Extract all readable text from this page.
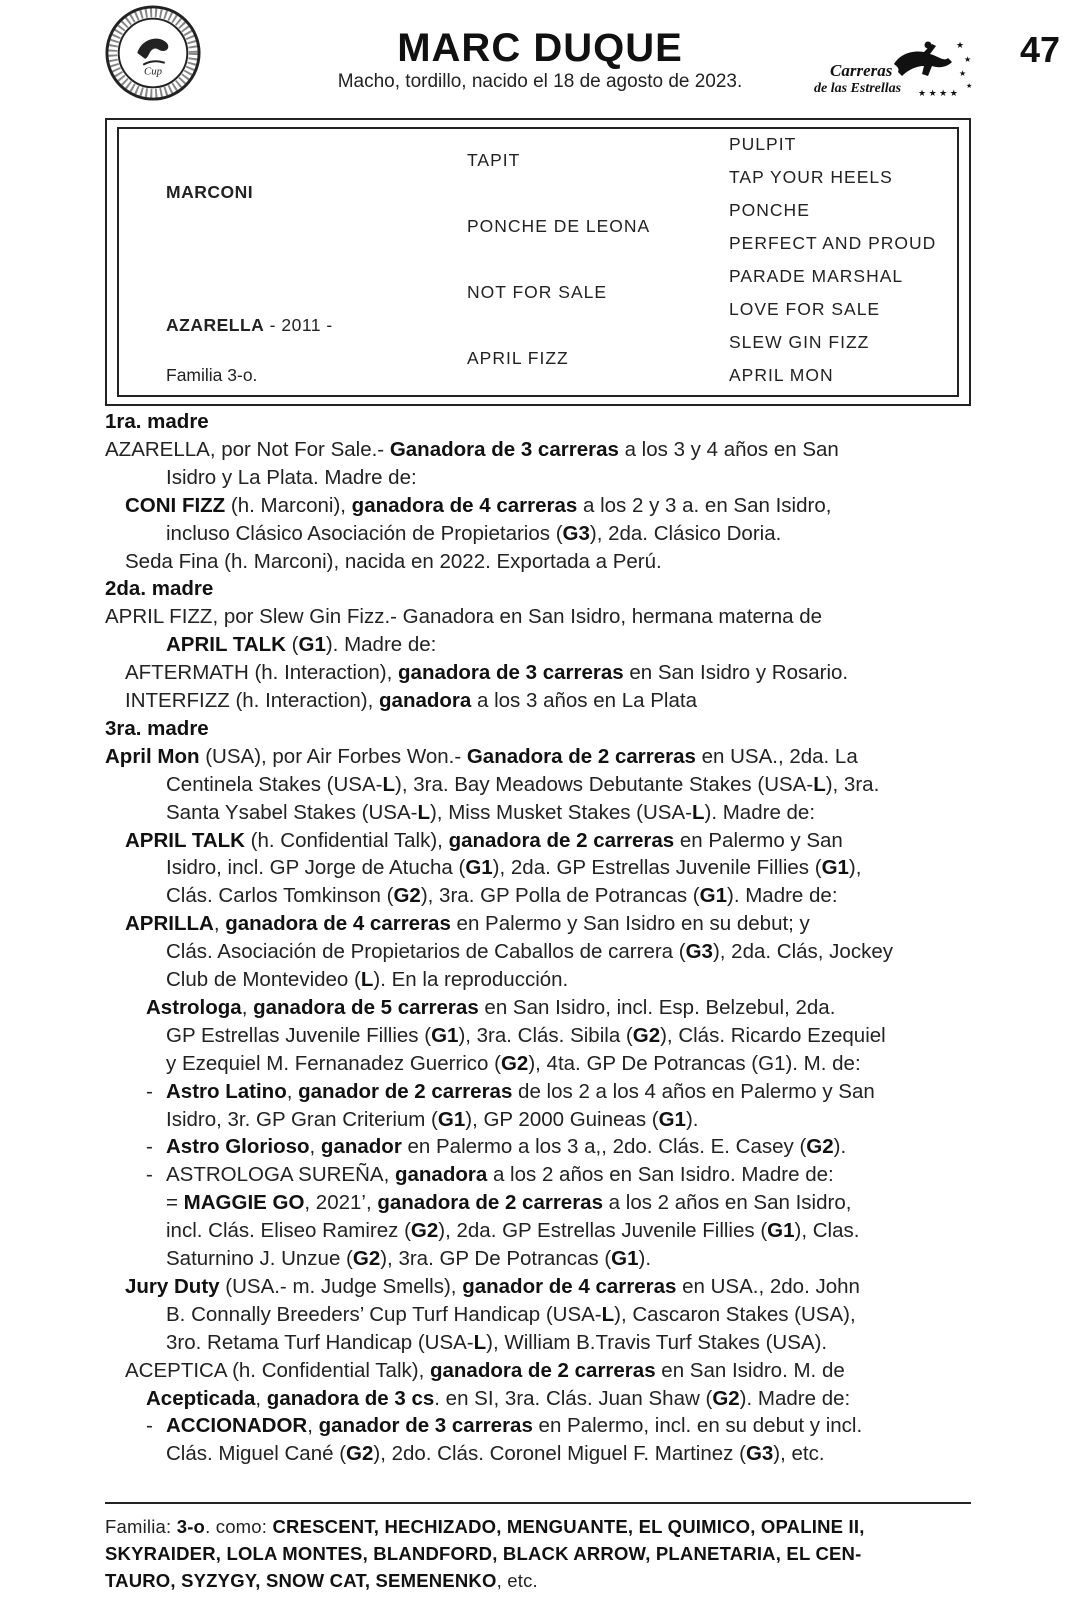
Cup
MARC DUQUE
Macho, tordillo, nacido el 18 de agosto de 2023.
47
★
★
★
★
Carreras
de las Estrellas ★ ★ ★ ★
MARCONI
AZARELLA - 2011 -
Familia 3-o.
TAPIT
PONCHE DE LEONA
NOT FOR SALE
APRIL FIZZ
PULPIT
TAP YOUR HEELS
PONCHE
PERFECT AND PROUD
PARADE MARSHAL
LOVE FOR SALE
SLEW GIN FIZZ
APRIL MON
1ra. madre
AZARELLA, por Not For Sale.- Ganadora de 3 carreras a los 3 y 4 años en San
Isidro y La Plata. Madre de:
CONI FIZZ (h. Marconi), ganadora de 4 carreras a los 2 y 3 a. en San Isidro,
incluso Clásico Asociación de Propietarios (G3), 2da. Clásico Doria.
Seda Fina (h. Marconi), nacida en 2022. Exportada a Perú.
2da. madre
APRIL FIZZ, por Slew Gin Fizz.- Ganadora en San Isidro, hermana materna de
APRIL TALK (G1). Madre de:
AFTERMATH (h. Interaction), ganadora de 3 carreras en San Isidro y Rosario.
INTERFIZZ (h. Interaction), ganadora a los 3 años en La Plata
3ra. madre
April Mon (USA), por Air Forbes Won.- Ganadora de 2 carreras en USA., 2da. La
Centinela Stakes (USA-L), 3ra. Bay Meadows Debutante Stakes (USA-L), 3ra.
Santa Ysabel Stakes (USA-L), Miss Musket Stakes (USA-L). Madre de:
APRIL TALK (h. Confidential Talk), ganadora de 2 carreras en Palermo y San
Isidro, incl. GP Jorge de Atucha (G1), 2da. GP Estrellas Juvenile Fillies (G1),
Clás. Carlos Tomkinson (G2), 3ra. GP Polla de Potrancas (G1). Madre de:
APRILLA, ganadora de 4 carreras en Palermo y San Isidro en su debut; y
Clás. Asociación de Propietarios de Caballos de carrera (G3), 2da. Clás, Jockey
Club de Montevideo (L). En la reproducción.
Astrologa, ganadora de 5 carreras en San Isidro, incl. Esp. Belzebul, 2da.
GP Estrellas Juvenile Fillies (G1), 3ra. Clás. Sibila (G2), Clás. Ricardo Ezequiel
y Ezequiel M. Fernanadez Guerrico (G2), 4ta. GP De Potrancas (G1). M. de:
- Astro Latino, ganador de 2 carreras de los 2 a los 4 años en Palermo y San
Isidro, 3r. GP Gran Criterium (G1), GP 2000 Guineas (G1).
- Astro Glorioso, ganador en Palermo a los 3 a,, 2do. Clás. E. Casey (G2).
- ASTROLOGA SUREÑA, ganadora a los 2 años en San Isidro. Madre de:
= MAGGIE GO, 2021’, ganadora de 2 carreras a los 2 años en San Isidro,
incl. Clás. Eliseo Ramirez (G2), 2da. GP Estrellas Juvenile Fillies (G1), Clas.
Saturnino J. Unzue (G2), 3ra. GP De Potrancas (G1).
Jury Duty (USA.- m. Judge Smells), ganador de 4 carreras en USA., 2do. John
B. Connally Breeders’ Cup Turf Handicap (USA-L), Cascaron Stakes (USA),
3ro. Retama Turf Handicap (USA-L), William B.Travis Turf Stakes (USA).
ACEPTICA (h. Confidential Talk), ganadora de 2 carreras en San Isidro. M. de
Acepticada, ganadora de 3 cs. en SI, 3ra. Clás. Juan Shaw (G2). Madre de:
- ACCIONADOR, ganador de 3 carreras en Palermo, incl. en su debut y incl.
Clás. Miguel Cané (G2), 2do. Clás. Coronel Miguel F. Martinez (G3), etc.
Familia: 3-o. como: CRESCENT, HECHIZADO, MENGUANTE, EL QUIMICO, OPALINE II,
SKYRAIDER, LOLA MONTES, BLANDFORD, BLACK ARROW, PLANETARIA, EL CEN-
TAURO, SYZYGY, SNOW CAT, SEMENENKO, etc.
